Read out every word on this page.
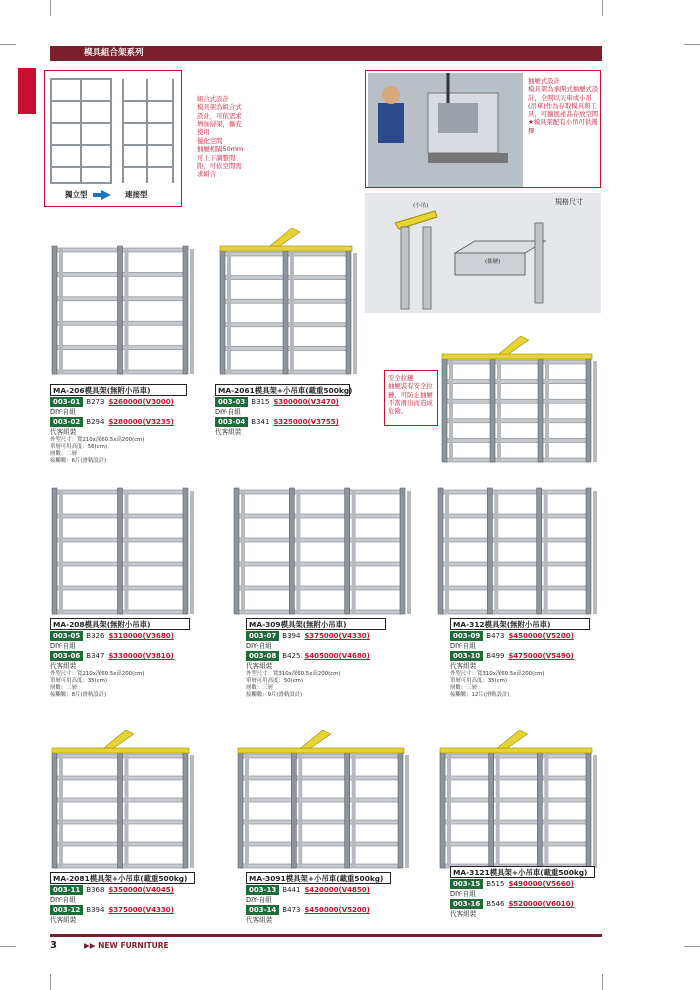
模具組合架系列
獨立型	連接型
組合式設計
模具架為組合式設計，可依需求增加層架，擴充使用
優化空間
抽屜相隔50mm可上下調整間距，可依空間需求組合
抽屜式設計
模具架為承開式抽屜式設計，全開以天車或小吊(吊車)作為存取模具與工具，可擴展產品存放空間
★模具架配有小吊可供選擇
規格尺寸
(小吊)
(抽屜)
安全拉鏈
抽屜裝有安全拉鏈，可防止抽屜不當滑出而造成危險。
MA-206模具架(無附小吊車)
003-01 B273 $260000(V3000)
DIY-自組
003-02 B294 $280000(V3235)
代客組裝
外型尺寸：寬210x深60.5x高200(cm)
單層可用高度：56(cm)
層數：二層
接觸數：6片(滑軌設計)
MA-2061模具架+小吊車(載重500kg)
003-03 B315 $300000(V3470)
DIY-自組
003-04 B341 $325000(V3755)
代客組裝
MA-208模具架(無附小吊車)
003-05 B326 $310000(V3680)
DIY-自組
003-06 B347 $330000(V3810)
代客組裝
外型尺寸：寬210x深60.5x高200(cm)
單層可用高度：35(cm)
層數：二層
接觸數：8片(滑軌設計)
MA-309模具架(無附小吊車)
003-07 B394 $375000(V4330)
DIY-自組
003-08 B425 $405000(V4680)
代客組裝
外型尺寸：寬310x深60.5x高200(cm)
單層可用高度：50(cm)
層數：三層
接觸數：9片(滑軌設計)
MA-312模具架(無附小吊車)
003-09 B473 $450000(V5200)
DIY-自組
003-10 B499 $475000(V5490)
代客組裝
外型尺寸：寬310x深60.5x高200(cm)
單層可用高度：35(cm)
層數：三層
接觸數：12片(滑軌設計)
MA-2081模具架+小吊車(載重500kg)
003-11 B368 $350000(V4045)
DIY-自組
003-12 B394 $375000(V4330)
代客組裝
MA-3091模具架+小吊車(載重500kg)
003-13 B441 $420000(V4850)
DIY-自組
003-14 B473 $450000(V5200)
代客組裝
MA-3121模具架+小吊車(載重500kg)
003-15 B515 $490000(V5660)
DIY-自組
003-16 B546 $520000(V6010)
代客組裝
3	▶▶ NEW FURNITURE
